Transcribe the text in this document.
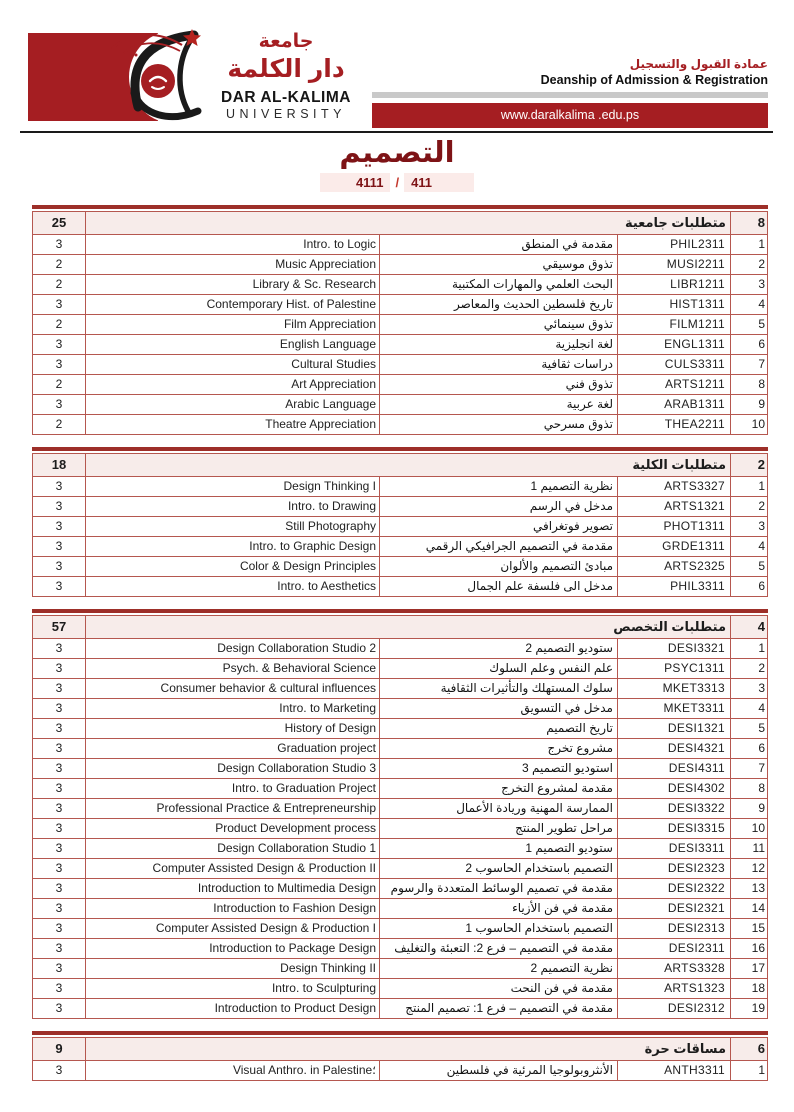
جامعة
دار الكلمة
DAR AL-KALIMA
UNIVERSITY
عمادة القبول والتسجيل
Deanship of Admission & Registration
www.daralkalima .edu.ps
التصميم
4111 / 411
25	متطلبات جامعية	8
3	Intro. to Logic	مقدمة في المنطق	PHIL2311	1
2	Music Appreciation	تذوق موسيقي	MUSI2211	2
2	Library & Sc. Research	البحث العلمي والمهارات المكتبية	LIBR1211	3
3	Contemporary Hist. of Palestine	تاريخ فلسطين الحديث والمعاصر	HIST1311	4
2	Film Appreciation	تذوق سينمائي	FILM1211	5
3	English Language	لغة انجليزية	ENGL1311	6
3	Cultural Studies	دراسات ثقافية	CULS3311	7
2	Art Appreciation	تذوق فني	ARTS1211	8
3	Arabic Language	لغة عربية	ARAB1311	9
2	Theatre Appreciation	تذوق مسرحي	THEA2211	10
18	متطلبات الكلية	2
3	Design Thinking I	نظرية التصميم 1	ARTS3327	1
3	Intro. to Drawing	مدخل في الرسم	ARTS1321	2
3	Still Photography	تصوير فوتغرافي	PHOT1311	3
3	Intro. to Graphic Design	مقدمة في التصميم الجرافيكي الرقمي	GRDE1311	4
3	Color & Design Principles	مبادئ التصميم والألوان	ARTS2325	5
3	Intro. to Aesthetics	مدخل الى فلسفة علم الجمال	PHIL3311	6
57	متطلبات التخصص	4
3	Design Collaboration Studio 2	ستوديو التصميم 2	DESI3321	1
3	Psych. & Behavioral Science	علم النفس وعلم السلوك	PSYC1311	2
3	Consumer behavior & cultural influences	سلوك المستهلك والتأثيرات الثقافية	MKET3313	3
3	Intro. to Marketing	مدخل في التسويق	MKET3311	4
3	History of Design	تاريخ التصميم	DESI1321	5
3	Graduation project	مشروع تخرج	DESI4321	6
3	Design Collaboration Studio 3	استوديو التصميم 3	DESI4311	7
3	Intro. to Graduation Project	مقدمة لمشروع التخرج	DESI4302	8
3	Professional Practice & Entrepreneurship	الممارسة المهنية وريادة الأعمال	DESI3322	9
3	Product Development process	مراحل تطوير المنتج	DESI3315	10
3	Design Collaboration Studio 1	ستوديو التصميم 1	DESI3311	11
3	Computer Assisted Design & Production II	التصميم باستخدام الحاسوب 2	DESI2323	12
3	Introduction to Multimedia Design	مقدمة في تصميم الوسائط المتعددة والرسوم	DESI2322	13
3	Introduction to Fashion Design	مقدمة في فن الأزياء	DESI2321	14
3	Computer Assisted Design & Production I	التصميم باستخدام الحاسوب 1	DESI2313	15
3	Introduction to Package Design	مقدمة في التصميم – فرع 2: التعبئة والتغليف	DESI2311	16
3	Design Thinking II	نظرية التصميم 2	ARTS3328	17
3	Intro. to Sculpturing	مقدمة في فن النحت	ARTS1323	18
3	Introduction to Product Design	مقدمة في التصميم – فرع 1: تصميم المنتج	DESI2312	19
9	مساقات حرة	6
3	؛Visual Anthro. in Palestine	الأنثروبولوجيا المرئية في فلسطين	ANTH3311	1
